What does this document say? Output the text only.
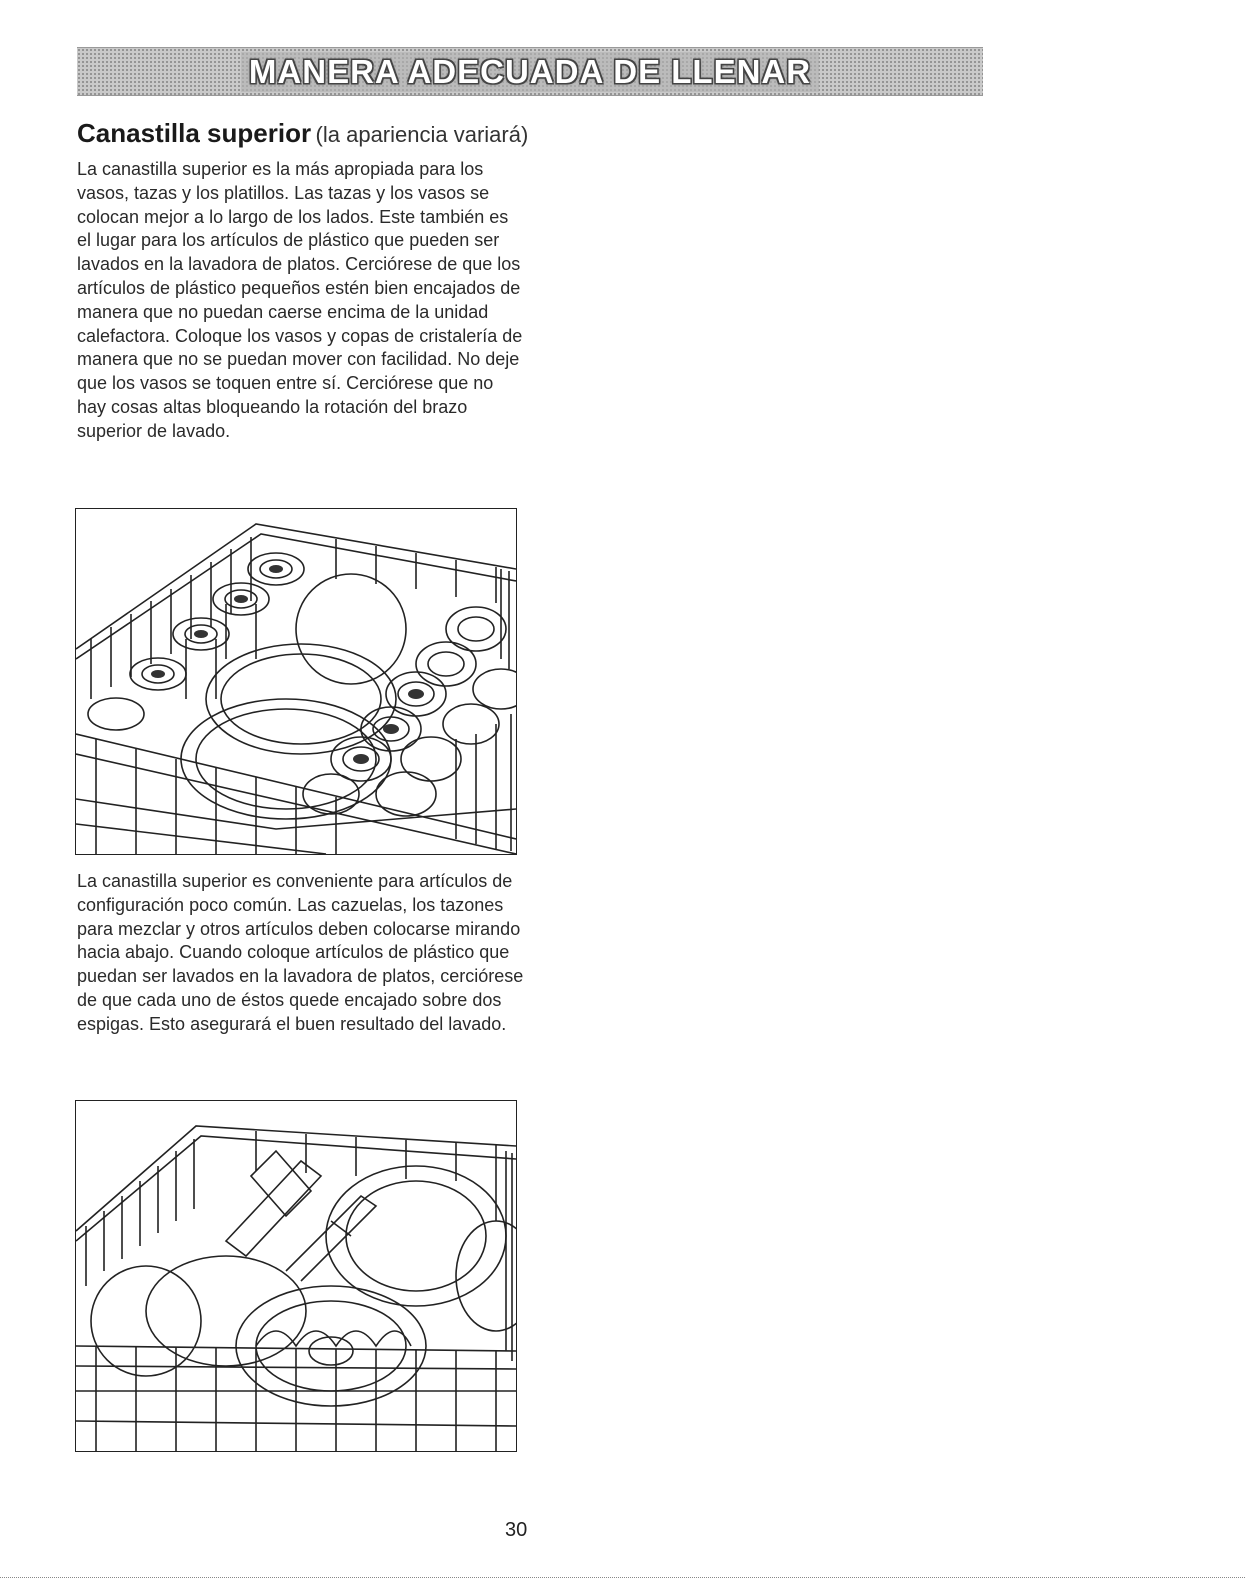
MANERA ADECUADA DE LLENAR
Canastilla superior (la apariencia variará)

La canastilla superior es la más apropiada para los vasos, tazas y los platillos. Las tazas y los vasos se colocan mejor a lo largo de los lados. Este también es el lugar para los artículos de plástico que pueden ser lavados en la lavadora de platos. Cerciórese de que los artículos de plástico pequeños estén bien encajados de manera que no puedan caerse encima de la unidad calefactora. Coloque los vasos y copas de cristalería de manera que no se puedan mover con facilidad. No deje que los vasos se toquen entre sí. Cerciórese que no hay cosas altas bloqueando la rotación del brazo superior de lavado.

La canastilla superior es conveniente para artículos de configuración poco común. Las cazuelas, los tazones para mezclar y otros artículos deben colocarse mirando hacia abajo. Cuando coloque artículos de plástico que puedan ser lavados en la lavadora de platos, cerciórese de que cada uno de éstos quede encajado sobre dos espigas. Esto asegurará el buen resultado del lavado.

30
